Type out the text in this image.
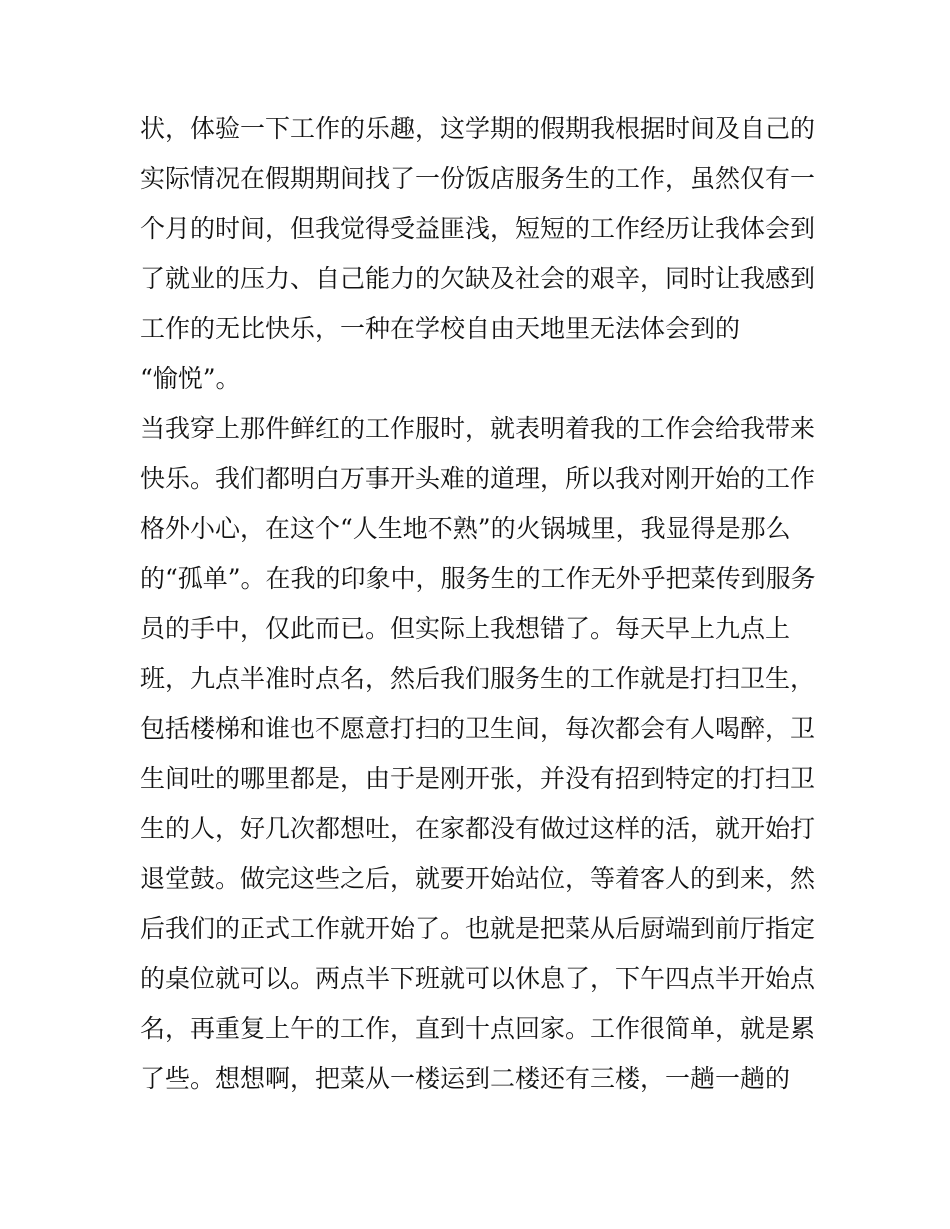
状，体验一下工作的乐趣，这学期的假期我根据时间及自己的
实际情况在假期期间找了一份饭店服务生的工作，虽然仅有一
个月的时间，但我觉得受益匪浅，短短的工作经历让我体会到
了就业的压力、自己能力的欠缺及社会的艰辛，同时让我感到
工作的无比快乐，一种在学校自由天地里无法体会到的
“愉悦”。
当我穿上那件鲜红的工作服时，就表明着我的工作会给我带来
快乐。我们都明白万事开头难的道理，所以我对刚开始的工作
格外小心，在这个“人生地不熟”的火锅城里，我显得是那么
的“孤单”。在我的印象中，服务生的工作无外乎把菜传到服务
员的手中，仅此而已。但实际上我想错了。每天早上九点上
班，九点半准时点名，然后我们服务生的工作就是打扫卫生，
包括楼梯和谁也不愿意打扫的卫生间，每次都会有人喝醉，卫
生间吐的哪里都是，由于是刚开张，并没有招到特定的打扫卫
生的人，好几次都想吐，在家都没有做过这样的活，就开始打
退堂鼓。做完这些之后，就要开始站位，等着客人的到来，然
后我们的正式工作就开始了。也就是把菜从后厨端到前厅指定
的桌位就可以。两点半下班就可以休息了，下午四点半开始点
名，再重复上午的工作，直到十点回家。工作很简单，就是累
了些。想想啊，把菜从一楼运到二楼还有三楼，一趟一趟的
